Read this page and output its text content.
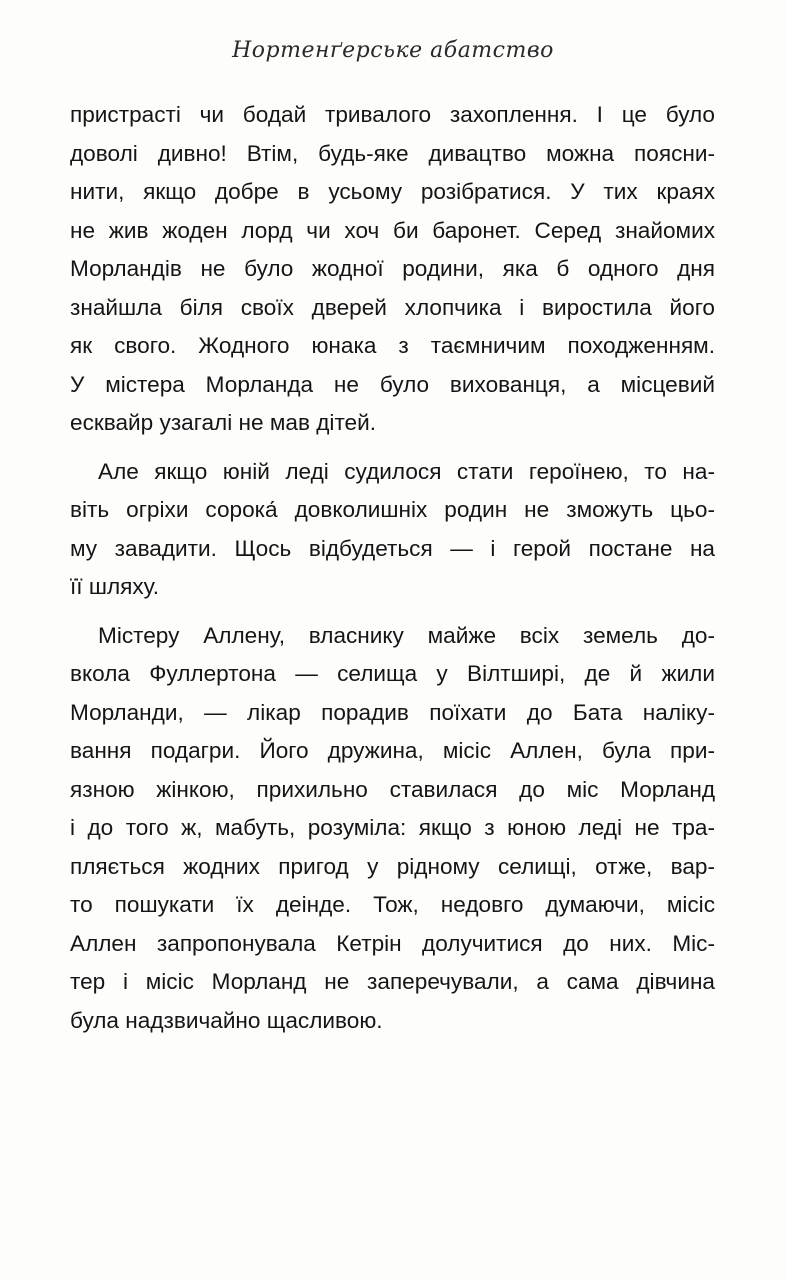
Нортенґерське абатство
пристрасті чи бодай тривалого захоплення. І це було
доволі дивно! Втім, будь-яке дивацтво можна поясни-
нити, якщо добре в усьому розібратися. У тих краях
не жив жоден лорд чи хоч би баронет. Серед знайомих
Морландів не було жодної родини, яка б одного дня
знайшла біля своїх дверей хлопчика і виростила його
як свого. Жодного юнака з таємничим походженням.
У містера Морланда не було вихованця, а місцевий
есквайр узагалі не мав дітей.
Але якщо юній леді судилося стати героїнею, то на-
віть огріхи сорока́ довколишніх родин не зможуть цьо-
му завадити. Щось відбудеться — і герой постане на
її шляху.
Містеру Аллену, власнику майже всіх земель до-
вкола Фуллертона — селища у Вілтширі, де й жили
Морланди, — лікар порадив поїхати до Бата наліку-
вання подагри. Його дружина, місіс Аллен, була при-
язною жінкою, прихильно ставилася до міс Морланд
і до того ж, мабуть, розуміла: якщо з юною леді не тра-
пляється жодних пригод у рідному селищі, отже, вар-
то пошукати їх деінде. Тож, недовго думаючи, місіс
Аллен запропонувала Кетрін долучитися до них. Міс-
тер і місіс Морланд не заперечували, а сама дівчина
була надзвичайно щасливою.
